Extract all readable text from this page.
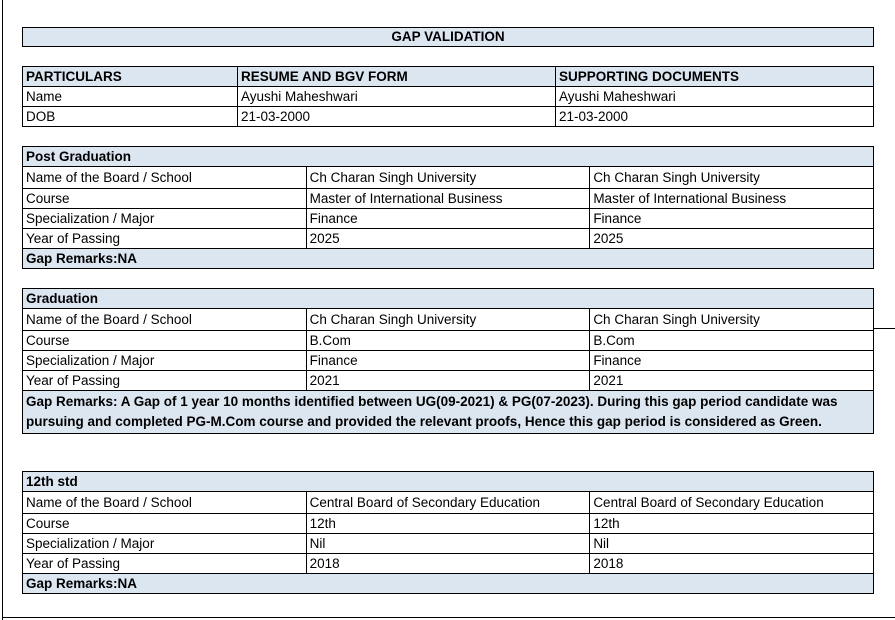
GAP VALIDATION
PARTICULARS	RESUME AND BGV FORM	SUPPORTING DOCUMENTS
Name	Ayushi Maheshwari	Ayushi Maheshwari
DOB	21-03-2000	21-03-2000
Post Graduation		
Name of the Board / School	Ch Charan Singh University	Ch Charan Singh University
Course	Master of International Business	Master of International Business
Specialization / Major	Finance	Finance
Year of Passing	2025	2025
Gap Remarks:NA		
Graduation		
Name of the Board / School	Ch Charan Singh University	Ch Charan Singh University
Course	B.Com	B.Com
Specialization / Major	Finance	Finance
Year of Passing	2021	2021
Gap Remarks: A Gap of 1 year 10 months identified between UG(09-2021) & PG(07-2023). During this gap period candidate was pursuing and completed PG-M.Com course and provided the relevant proofs, Hence this gap period is considered as Green.		
12th std		
Name of the Board / School	Central Board of Secondary Education	Central Board of Secondary Education
Course	12th	12th
Specialization / Major	Nil	Nil
Year of Passing	2018	2018
Gap Remarks:NA		
